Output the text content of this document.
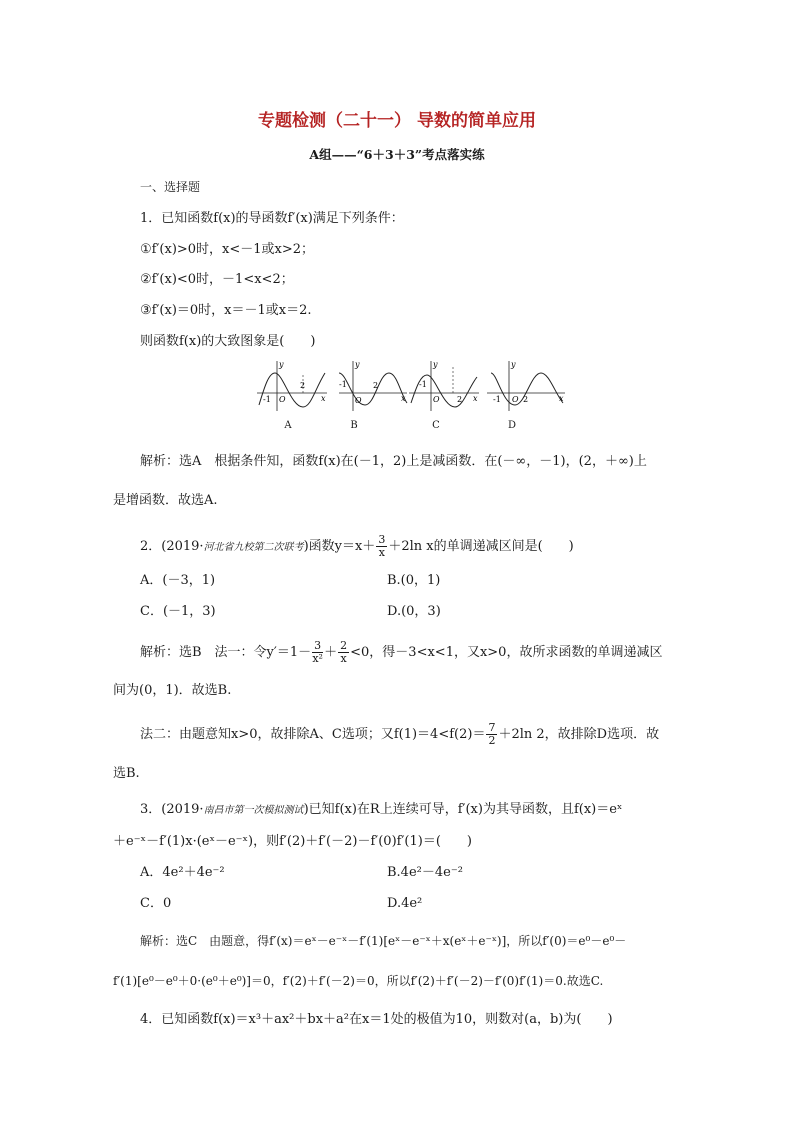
专题检测（二十一） 导数的简单应用
A组——“6＋3＋3”考点落实练
一、选择题
1．已知函数f(x)的导函数f′(x)满足下列条件：
①f′(x)>0时，x<－1或x>2；
②f′(x)<0时，－1<x<2；
③f′(x)＝0时，x＝－1或x＝2.
则函数f(x)的大致图象是(　　)
y
x
-1 O
2
y
x
-1
O
2
y
x
-1
O 2
y
x
-1 O 2
A	B	C	D
解析：选A　根据条件知，函数f(x)在(－1，2)上是减函数．在(－∞，－1)，(2，＋∞)上
是增函数．故选A.
2．(2019·河北省九校第二次联考)函数$y=x+ \frac{3}{x} +2\ln$ x的单调递减区间是(　　)
A．(－3，1)	B.(0，1)
C．(－1，3)	D.(0，3)
解析：选B　法一：令$y'=1- \frac{3}{\text{x²}} + \frac{2}{x} <0$，得－3<x<1，又x>0，故所求函数的单调递减区
间为(0，1)．故选B.
法二：由题意知x>0，故排除A、C选项；又$f(1)=4<f(2)= \frac{7}{2} +2\ln$ 2，故排除D选项．故
选B.
3．(2019·南昌市第一次模拟测试)已知f(x)在R上连续可导，f′(x)为其导函数，且f(x)＝eˣ
＋e⁻ˣ－f′(1)x·(eˣ－e⁻ˣ)，则f′(2)＋f′(－2)－f′(0)f′(1)＝(　　)
A．4e²＋4e⁻²	B.4e²－4e⁻²
C．0	D.4e²
解析：选C　由题意，得f′(x)＝eˣ－e⁻ˣ－f′(1)[eˣ－e⁻ˣ＋x(eˣ＋e⁻ˣ)]，所以f′(0)＝e⁰－e⁰－
f′(1)[e⁰－e⁰＋0·(e⁰＋e⁰)]＝0，f′(2)＋f′(－2)＝0，所以f′(2)＋f′(－2)－f′(0)f′(1)＝0.故选C.
4．已知函数f(x)＝x³＋ax²＋bx＋a²在x＝1处的极值为10，则数对(a，b)为(　　)
